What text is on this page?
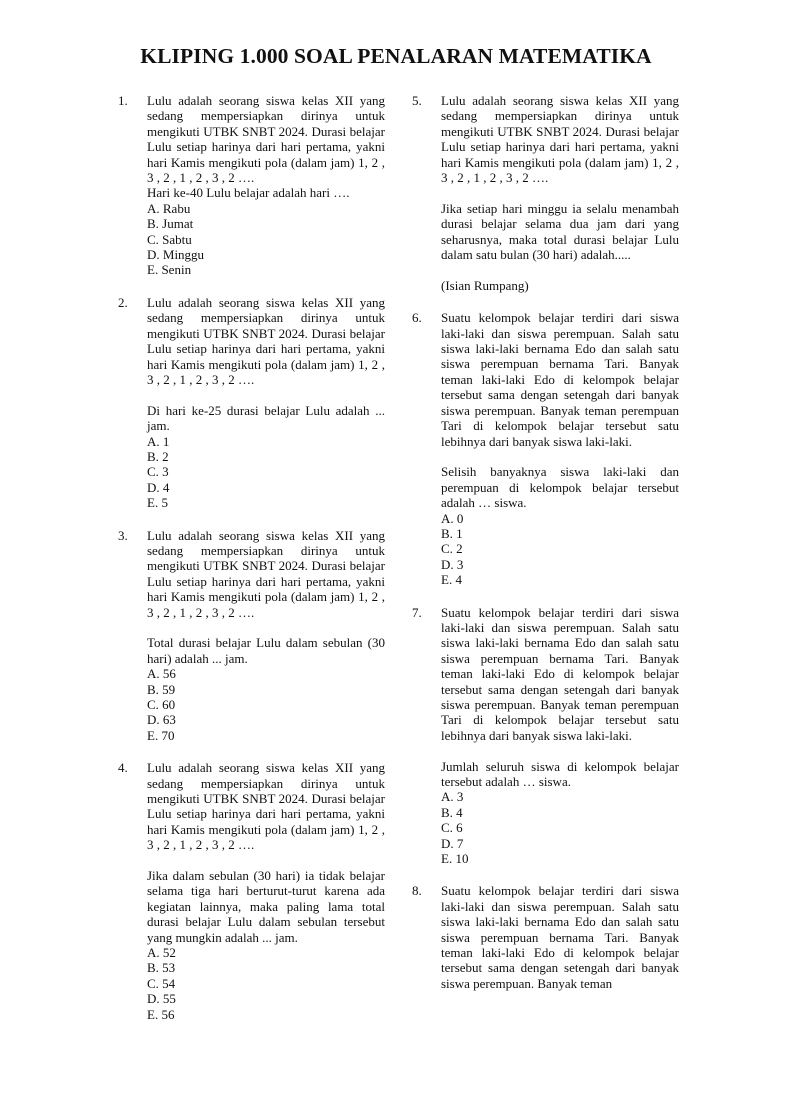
KLIPING 1.000 SOAL PENALARAN MATEMATIKA
1. Lulu adalah seorang siswa kelas XII yang sedang mempersiapkan dirinya untuk mengikuti UTBK SNBT 2024. Durasi belajar Lulu setiap harinya dari hari pertama, yakni hari Kamis mengikuti pola (dalam jam) 1, 2 , 3 , 2 , 1 , 2 , 3 , 2 ….

Hari ke-40 Lulu belajar adalah hari ….

A. Rabu
B. Jumat
C. Sabtu
D. Minggu
E. Senin
2. Lulu adalah seorang siswa kelas XII yang sedang mempersiapkan dirinya untuk mengikuti UTBK SNBT 2024. Durasi belajar Lulu setiap harinya dari hari pertama, yakni hari Kamis mengikuti pola (dalam jam) 1, 2 , 3 , 2 , 1 , 2 , 3 , 2 ….

Di hari ke-25 durasi belajar Lulu adalah ... jam.

A. 1
B. 2
C. 3
D. 4
E. 5
3. Lulu adalah seorang siswa kelas XII yang sedang mempersiapkan dirinya untuk mengikuti UTBK SNBT 2024. Durasi belajar Lulu setiap harinya dari hari pertama, yakni hari Kamis mengikuti pola (dalam jam) 1, 2 , 3 , 2 , 1 , 2 , 3 , 2 ….

Total durasi belajar Lulu dalam sebulan (30 hari) adalah ... jam.

A. 56
B. 59
C. 60
D. 63
E. 70
4. Lulu adalah seorang siswa kelas XII yang sedang mempersiapkan dirinya untuk mengikuti UTBK SNBT 2024. Durasi belajar Lulu setiap harinya dari hari pertama, yakni hari Kamis mengikuti pola (dalam jam) 1, 2 , 3 , 2 , 1 , 2 , 3 , 2 ….

Jika dalam sebulan (30 hari) ia tidak belajar selama tiga hari berturut-turut karena ada kegiatan lainnya, maka paling lama total durasi belajar Lulu dalam sebulan tersebut yang mungkin adalah ... jam.

A. 52
B. 53
C. 54
D. 55
E. 56
5. Lulu adalah seorang siswa kelas XII yang sedang mempersiapkan dirinya untuk mengikuti UTBK SNBT 2024. Durasi belajar Lulu setiap harinya dari hari pertama, yakni hari Kamis mengikuti pola (dalam jam) 1, 2 , 3 , 2 , 1 , 2 , 3 , 2 ….

Jika setiap hari minggu ia selalu menambah durasi belajar selama dua jam dari yang seharusnya, maka total durasi belajar Lulu dalam satu bulan (30 hari) adalah.....

(Isian Rumpang)

6. Suatu kelompok belajar terdiri dari siswa laki-laki dan siswa perempuan. Salah satu siswa laki-laki bernama Edo dan salah satu siswa perempuan bernama Tari. Banyak teman laki-laki Edo di kelompok belajar tersebut sama dengan setengah dari banyak siswa perempuan. Banyak teman perempuan Tari di kelompok belajar tersebut satu lebihnya dari banyak siswa laki-laki.

Selisih banyaknya siswa laki-laki dan perempuan di kelompok belajar tersebut adalah … siswa.

A. 0
B. 1
C. 2
D. 3
E. 4
7. Suatu kelompok belajar terdiri dari siswa laki-laki dan siswa perempuan. Salah satu siswa laki-laki bernama Edo dan salah satu siswa perempuan bernama Tari. Banyak teman laki-laki Edo di kelompok belajar tersebut sama dengan setengah dari banyak siswa perempuan. Banyak teman perempuan Tari di kelompok belajar tersebut satu lebihnya dari banyak siswa laki-laki.

Jumlah seluruh siswa di kelompok belajar tersebut adalah … siswa.

A. 3
B. 4
C. 6
D. 7
E. 10
8. Suatu kelompok belajar terdiri dari siswa laki-laki dan siswa perempuan. Salah satu siswa laki-laki bernama Edo dan salah satu siswa perempuan bernama Tari. Banyak teman laki-laki Edo di kelompok belajar tersebut sama dengan setengah dari banyak siswa perempuan. Banyak teman
